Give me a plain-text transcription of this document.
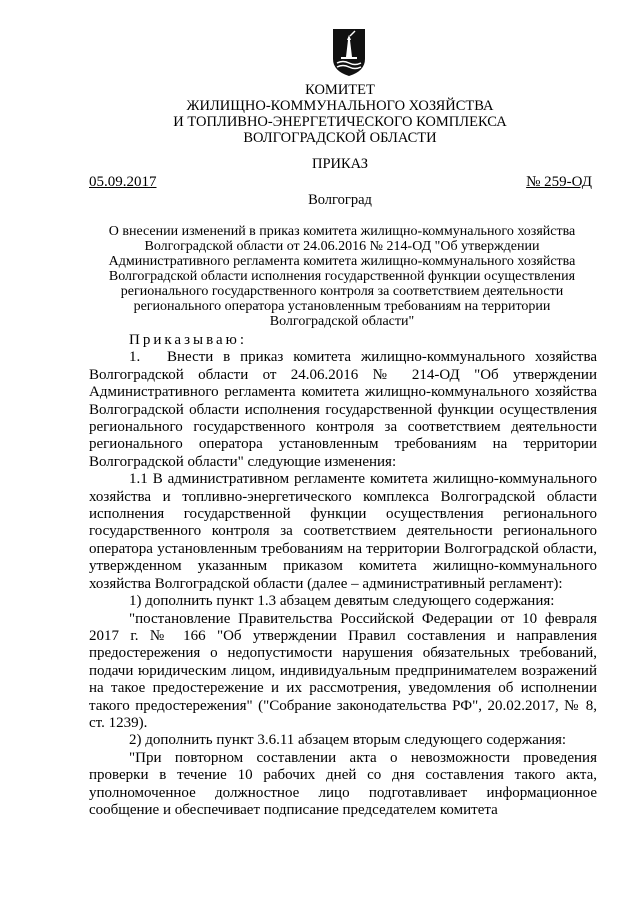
КОМИТЕТ
ЖИЛИЩНО-КОММУНАЛЬНОГО ХОЗЯЙСТВА
И ТОПЛИВНО-ЭНЕРГЕТИЧЕСКОГО КОМПЛЕКСА
ВОЛГОГРАДСКОЙ ОБЛАСТИ
ПРИКАЗ
05.09.2017	№ 259-ОД
Волгоград
О внесении изменений в приказ комитета жилищно-коммунального хозяйства Волгоградской области от 24.06.2016 № 214-ОД "Об утверждении Административного регламента комитета жилищно-коммунального хозяйства Волгоградской области исполнения государственной функции осуществления регионального государственного контроля за соответствием деятельности регионального оператора установленным требованиям на территории Волгоградской области"

Приказываю:

1. Внести в приказ комитета жилищно-коммунального хозяйства Волгоградской области от 24.06.2016 № 214-ОД "Об утверждении Административного регламента комитета жилищно-коммунального хозяйства Волгоградской области исполнения государственной функции осуществления регионального государственного контроля за соответствием деятельности регионального оператора установленным требованиям на территории Волгоградской области" следующие изменения:

1.1 В административном регламенте комитета жилищно-коммунального хозяйства и топливно-энергетического комплекса Волгоградской области исполнения государственной функции осуществления регионального государственного контроля за соответствием деятельности регионального оператора установленным требованиям на территории Волгоградской области, утвержденном указанным приказом комитета жилищно-коммунального хозяйства Волгоградской области (далее – административный регламент):

1) дополнить пункт 1.3 абзацем девятым следующего содержания:

"постановление Правительства Российской Федерации от 10 февраля 2017 г. № 166 "Об утверждении Правил составления и направления предостережения о недопустимости нарушения обязательных требований, подачи юридическим лицом, индивидуальным предпринимателем возражений на такое предостережение и их рассмотрения, уведомления об исполнении такого предостережения" ("Собрание законодательства РФ", 20.02.2017, № 8, ст. 1239).

2) дополнить пункт 3.6.11 абзацем вторым следующего содержания:

"При повторном составлении акта о невозможности проведения проверки в течение 10 рабочих дней со дня составления такого акта, уполномоченное должностное лицо подготавливает информационное сообщение и обеспечивает подписание председателем комитета
